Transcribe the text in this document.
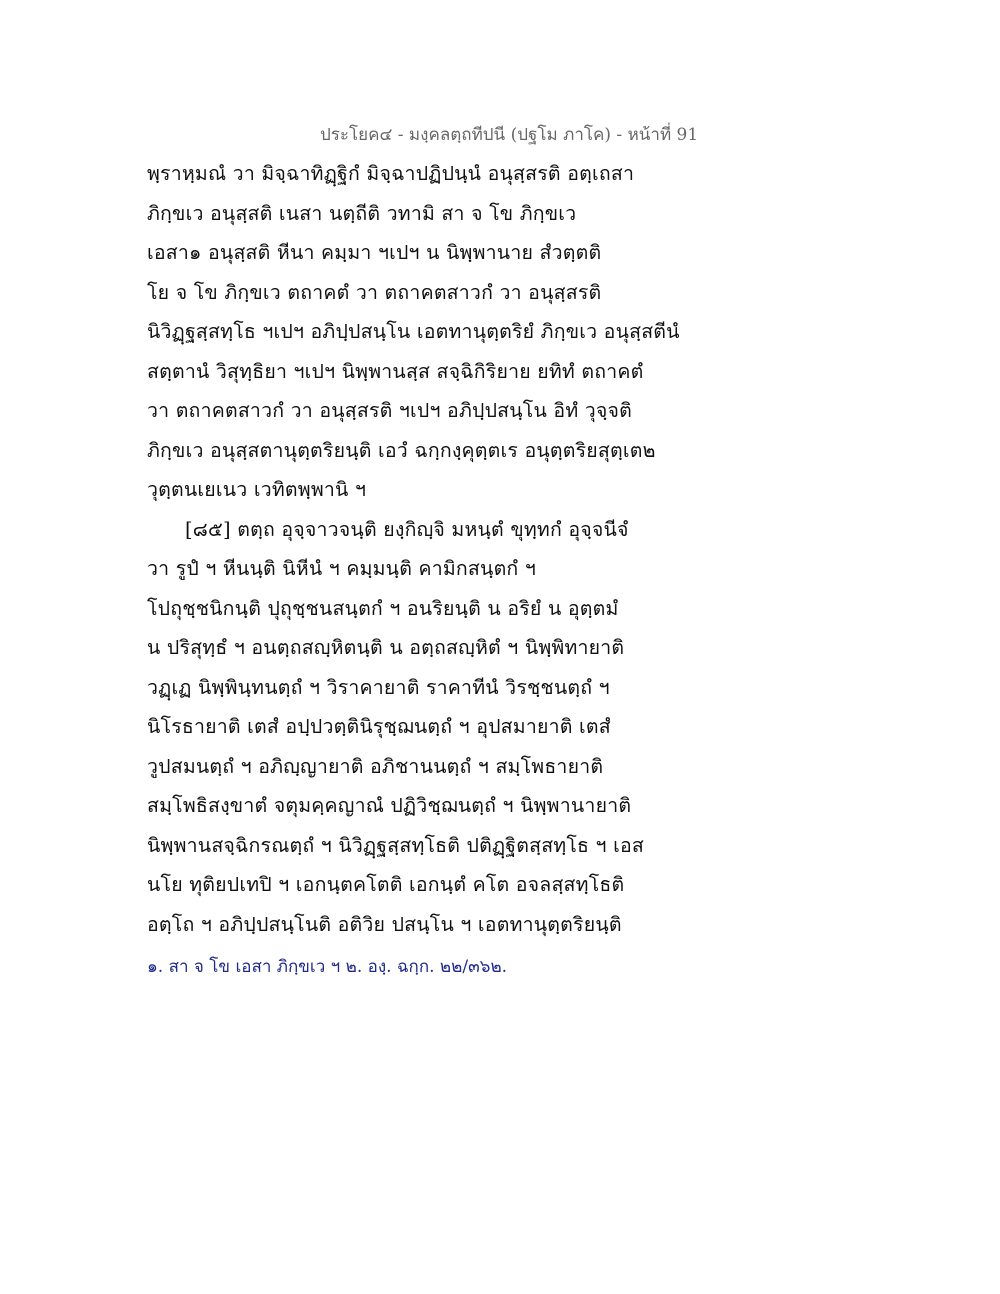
ประโยค๔ - มงฺคลตฺถทีปนี (ปฐโม ภาโค) - หน้าที่ 91
พฺราหฺมณํ วา มิจฺฉาทิฏฺฐิกํ มิจฺฉาปฏิปนฺนํ อนุสฺสรติ อตฺเถสา
ภิกฺขเว อนุสฺสติ เนสา นตฺถีติ วทามิ สา จ โข ภิกฺขเว
เอสา๑ อนุสฺสติ หีนา คมฺมา ฯเปฯ น นิพฺพานาย สํวตฺตติ
โย จ โข ภิกฺขเว ตถาคตํ วา ตถาคตสาวกํ วา อนุสฺสรติ
นิวิฏฺฐสฺสทฺโธ ฯเปฯ อภิปฺปสนฺโน เอตทานุตฺตริยํ ภิกฺขเว อนุสฺสตีนํ
สตฺตานํ วิสุทฺธิยา ฯเปฯ นิพฺพานสฺส สจฺฉิกิริยาย ยทิทํ ตถาคตํ
วา ตถาคตสาวกํ วา อนุสฺสรติ ฯเปฯ อภิปฺปสนฺโน อิทํ วุจฺจติ
ภิกฺขเว อนุสฺสตานุตฺตริยนฺติ เอวํ ฉกฺกงฺคุตฺตเร อนุตฺตริยสุตฺเต๒
วุตฺตนเยเนว เวทิตพฺพานิ ฯ
[๘๕] ตตฺถ อุจฺจาวจนฺติ ยงฺกิญฺจิ มหนฺตํ ขุทฺทกํ อุจฺจนีจํ
วา รูปํ ฯ หีนนฺติ นิหีนํ ฯ คมฺมนฺติ คามิกสนฺตกํ ฯ
โปถุชฺชนิกนฺติ ปุถุชฺชนสนฺตกํ ฯ อนริยนฺติ น อริยํ น อุตฺตมํ
น ปริสุทฺธํ ฯ อนตฺถสญฺหิตนฺติ น อตฺถสญฺหิตํ ฯ นิพฺพิทายาติ
วฏฺเฏ นิพฺพินฺทนตฺถํ ฯ วิราคายาติ ราคาทีนํ วิรชฺชนตฺถํ ฯ
นิโรธายาติ เตสํ อปฺปวตฺตินิรุชฺฌนตฺถํ ฯ อุปสมายาติ เตสํ
วูปสมนตฺถํ ฯ อภิญฺญายาติ อภิชานนตฺถํ ฯ สมฺโพธายาติ
สมฺโพธิสงฺขาตํ จตุมคฺคญาณํ ปฏิวิชฺฌนตฺถํ ฯ นิพฺพานายาติ
นิพฺพานสจฺฉิกรณตฺถํ ฯ นิวิฏฺฐสฺสทฺโธติ ปติฏฺฐิตสฺสทฺโธ ฯ เอส
นโย ทุติยปเทปิ ฯ เอกนฺตคโตติ เอกนฺตํ คโต อจลสฺสทฺโธติ
อตฺโถ ฯ อภิปฺปสนฺโนติ อติวิย ปสนฺโน ฯ เอตทานุตฺตริยนฺติ
๑. สา จ โข เอสา ภิกฺขเว ฯ ๒. องฺ. ฉกฺก. ๒๒/๓๖๒.
